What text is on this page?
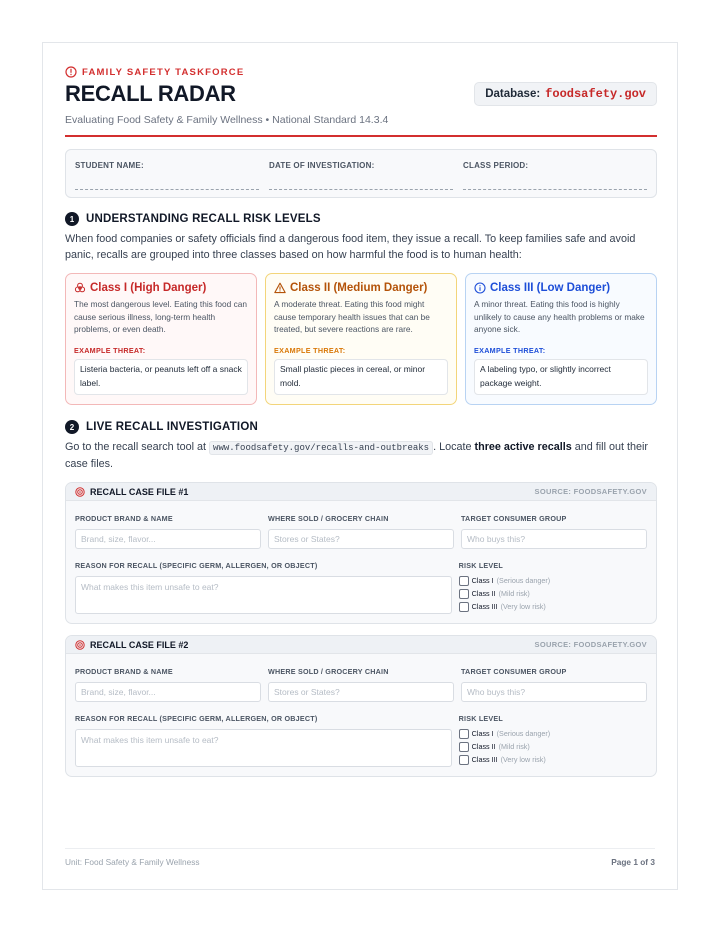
FAMILY SAFETY TASKFORCE
RECALL RADAR
Evaluating Food Safety & Family Wellness • National Standard 14.3.4
Database: foodsafety.gov
STUDENT NAME:	DATE OF INVESTIGATION:	CLASS PERIOD:
1	UNDERSTANDING RECALL RISK LEVELS
When food companies or safety officials find a dangerous food item, they issue a recall. To keep families safe and avoid panic, recalls are grouped into three classes based on how harmful the food is to human health:
Class I (High Danger)
The most dangerous level. Eating this food can cause serious illness, long-term health problems, or even death.
EXAMPLE THREAT:
Listeria bacteria, or peanuts left off a snack label.
Class II (Medium Danger)
A moderate threat. Eating this food might cause temporary health issues that can be treated, but severe reactions are rare.
EXAMPLE THREAT:
Small plastic pieces in cereal, or minor mold.
Class III (Low Danger)
A minor threat. Eating this food is highly unlikely to cause any health problems or make anyone sick.
EXAMPLE THREAT:
A labeling typo, or slightly incorrect package weight.
2	LIVE RECALL INVESTIGATION
Go to the recall search tool at www.foodsafety.gov/recalls-and-outbreaks . Locate three active recalls and fill out their case files.
RECALL CASE FILE #1	SOURCE: FOODSAFETY.GOV
PRODUCT BRAND & NAME
Brand, size, flavor...
WHERE SOLD / GROCERY CHAIN
Stores or States?
TARGET CONSUMER GROUP
Who buys this?
REASON FOR RECALL (SPECIFIC GERM, ALLERGEN, OR OBJECT)
What makes this item unsafe to eat?
RISK LEVEL
Class I (Serious danger)
Class II (Mild risk)
Class III (Very low risk)
RECALL CASE FILE #2	SOURCE: FOODSAFETY.GOV
PRODUCT BRAND & NAME
Brand, size, flavor...
WHERE SOLD / GROCERY CHAIN
Stores or States?
TARGET CONSUMER GROUP
Who buys this?
REASON FOR RECALL (SPECIFIC GERM, ALLERGEN, OR OBJECT)
What makes this item unsafe to eat?
RISK LEVEL
Class I (Serious danger)
Class II (Mild risk)
Class III (Very low risk)
Unit: Food Safety & Family Wellness	Page 1 of 3
